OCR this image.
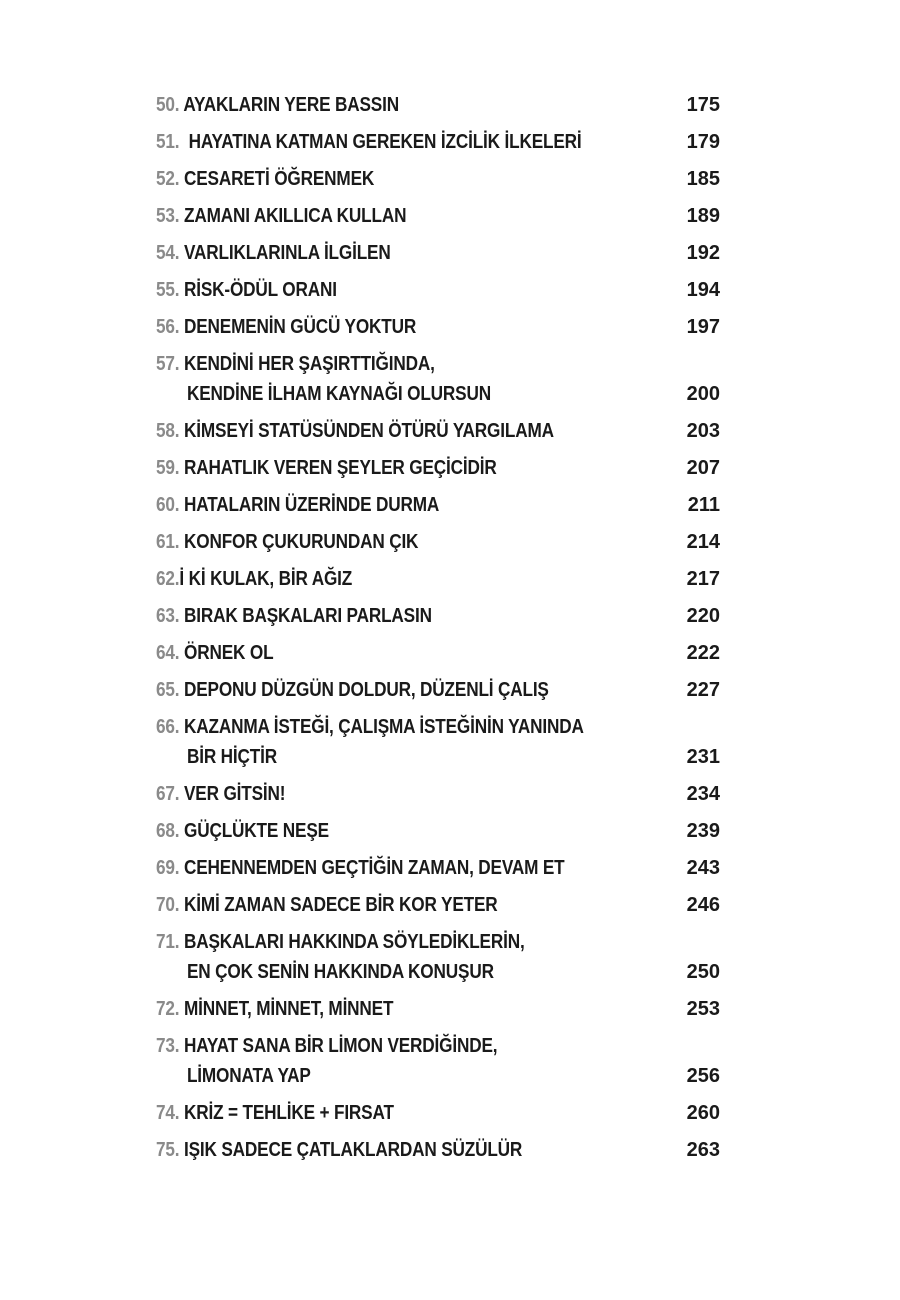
50. AYAKLARIN YERE BASSIN	175
51.  HAYATINA KATMAN GEREKEN İZCİLİK İLKELERİ	179
52. CESARETİ ÖĞRENMEK	185
53. ZAMANI AKILLICA KULLAN	189
54. VARLIKLARINLA İLGİLEN	192
55. RİSK-ÖDÜL ORANI	194
56. DENEMENİN GÜCÜ YOKTUR	197
57. KENDİNİ HER ŞAŞIRTTIĞINDA,
KENDİNE İLHAM KAYNAĞI OLURSUN	200
58. KİMSEYİ STATÜSÜNDEN ÖTÜRÜ YARGILAMA	203
59. RAHATLIK VEREN ŞEYLER GEÇİCİDİR	207
60. HATALARIN ÜZERİNDE DURMA	211
61. KONFOR ÇUKURUNDAN ÇIK	214
62.İ Kİ KULAK, BİR AĞIZ	217
63. BIRAK BAŞKALARI PARLASIN	220
64. ÖRNEK OL	222
65. DEPONU DÜZGÜN DOLDUR, DÜZENLİ ÇALIŞ	227
66. KAZANMA İSTEĞİ, ÇALIŞMA İSTEĞİNİN YANINDA
BİR HİÇTİR	231
67. VER GİTSİN!	234
68. GÜÇLÜKTE NEŞE	239
69. CEHENNEMDEN GEÇTİĞİN ZAMAN, DEVAM ET	243
70. KİMİ ZAMAN SADECE BİR KOR YETER	246
71. BAŞKALARI HAKKINDA SÖYLEDİKLERİN,
EN ÇOK SENİN HAKKINDA KONUŞUR	250
72. MİNNET, MİNNET, MİNNET	253
73. HAYAT SANA BİR LİMON VERDİĞİNDE,
LİMONATA YAP	256
74. KRİZ = TEHLİKE + FIRSAT	260
75. IŞIK SADECE ÇATLAKLARDAN SÜZÜLÜR	263
